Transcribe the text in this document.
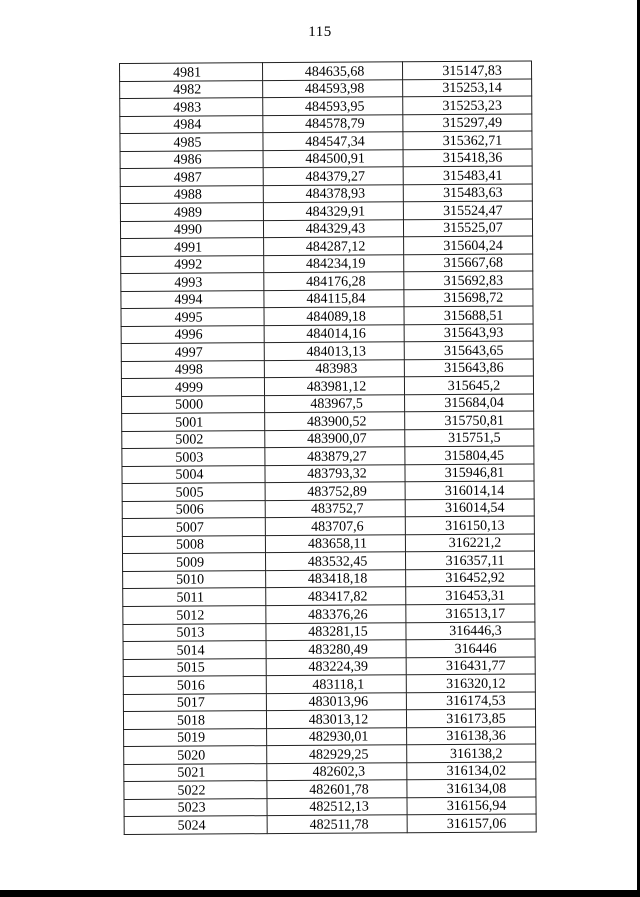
115
4981	484635,68	315147,83
4982	484593,98	315253,14
4983	484593,95	315253,23
4984	484578,79	315297,49
4985	484547,34	315362,71
4986	484500,91	315418,36
4987	484379,27	315483,41
4988	484378,93	315483,63
4989	484329,91	315524,47
4990	484329,43	315525,07
4991	484287,12	315604,24
4992	484234,19	315667,68
4993	484176,28	315692,83
4994	484115,84	315698,72
4995	484089,18	315688,51
4996	484014,16	315643,93
4997	484013,13	315643,65
4998	483983	315643,86
4999	483981,12	315645,2
5000	483967,5	315684,04
5001	483900,52	315750,81
5002	483900,07	315751,5
5003	483879,27	315804,45
5004	483793,32	315946,81
5005	483752,89	316014,14
5006	483752,7	316014,54
5007	483707,6	316150,13
5008	483658,11	316221,2
5009	483532,45	316357,11
5010	483418,18	316452,92
5011	483417,82	316453,31
5012	483376,26	316513,17
5013	483281,15	316446,3
5014	483280,49	316446
5015	483224,39	316431,77
5016	483118,1	316320,12
5017	483013,96	316174,53
5018	483013,12	316173,85
5019	482930,01	316138,36
5020	482929,25	316138,2
5021	482602,3	316134,02
5022	482601,78	316134,08
5023	482512,13	316156,94
5024	482511,78	316157,06
